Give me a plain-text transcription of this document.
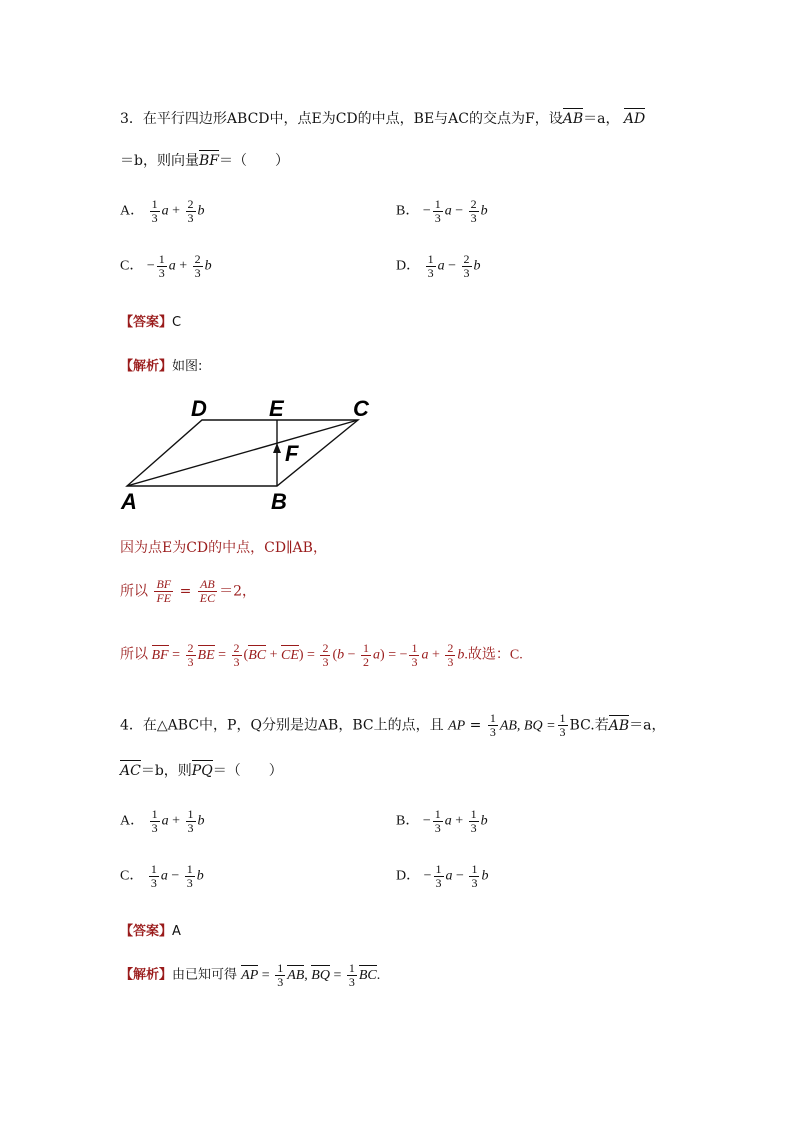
3．在平行四边形ABCD中，点E为CD的中点，BE与AC的交点为F，设AB＝a， AD
＝b，则向量BF＝（　　）
A． $\frac{1}{3}$ $a + \frac{2}{3}$ b	B． − $\frac{1}{3}$ $a - \frac{2}{3}$ b
C． − $\frac{1}{3}$ $a + \frac{2}{3}$ b	D． $\frac{1}{3}$ $a - \frac{2}{3}$ b
【答案】C
【解析】如图:
A	B
C
D	E
F
因为点E为CD的中点，CD∥AB，
所以 $\frac{BF}{FE} = \frac{AB}{EC} =2$，
所以 BF = $\frac{2}{3}$ BE = $\frac{2}{3} (BC + CE) = \frac{2}{3} (b - \frac{1}{2} a)$ = − $\frac{1}{3}$ $a + \frac{2}{3} b$.故选：C.
4．在△ABC中，P，Q分别是边AB，BC上的点，且 AP = $\frac{1}{3}$ AB, BQ = $\frac{1}{3}$ BC.若AB＝a，
AC＝b，则PQ＝（　　）
A． $\frac{1}{3}$ $a + \frac{1}{3}$ b	B． − $\frac{1}{3}$ $a + \frac{1}{3}$ b
C． $\frac{1}{3}$ $a - \frac{1}{3}$ b	D． − $\frac{1}{3}$ $a - \frac{1}{3}$ b
【答案】A
【解析】由已知可得 AP = $\frac{1}{3}$ AB, BQ = $\frac{1}{3}$ BC.
